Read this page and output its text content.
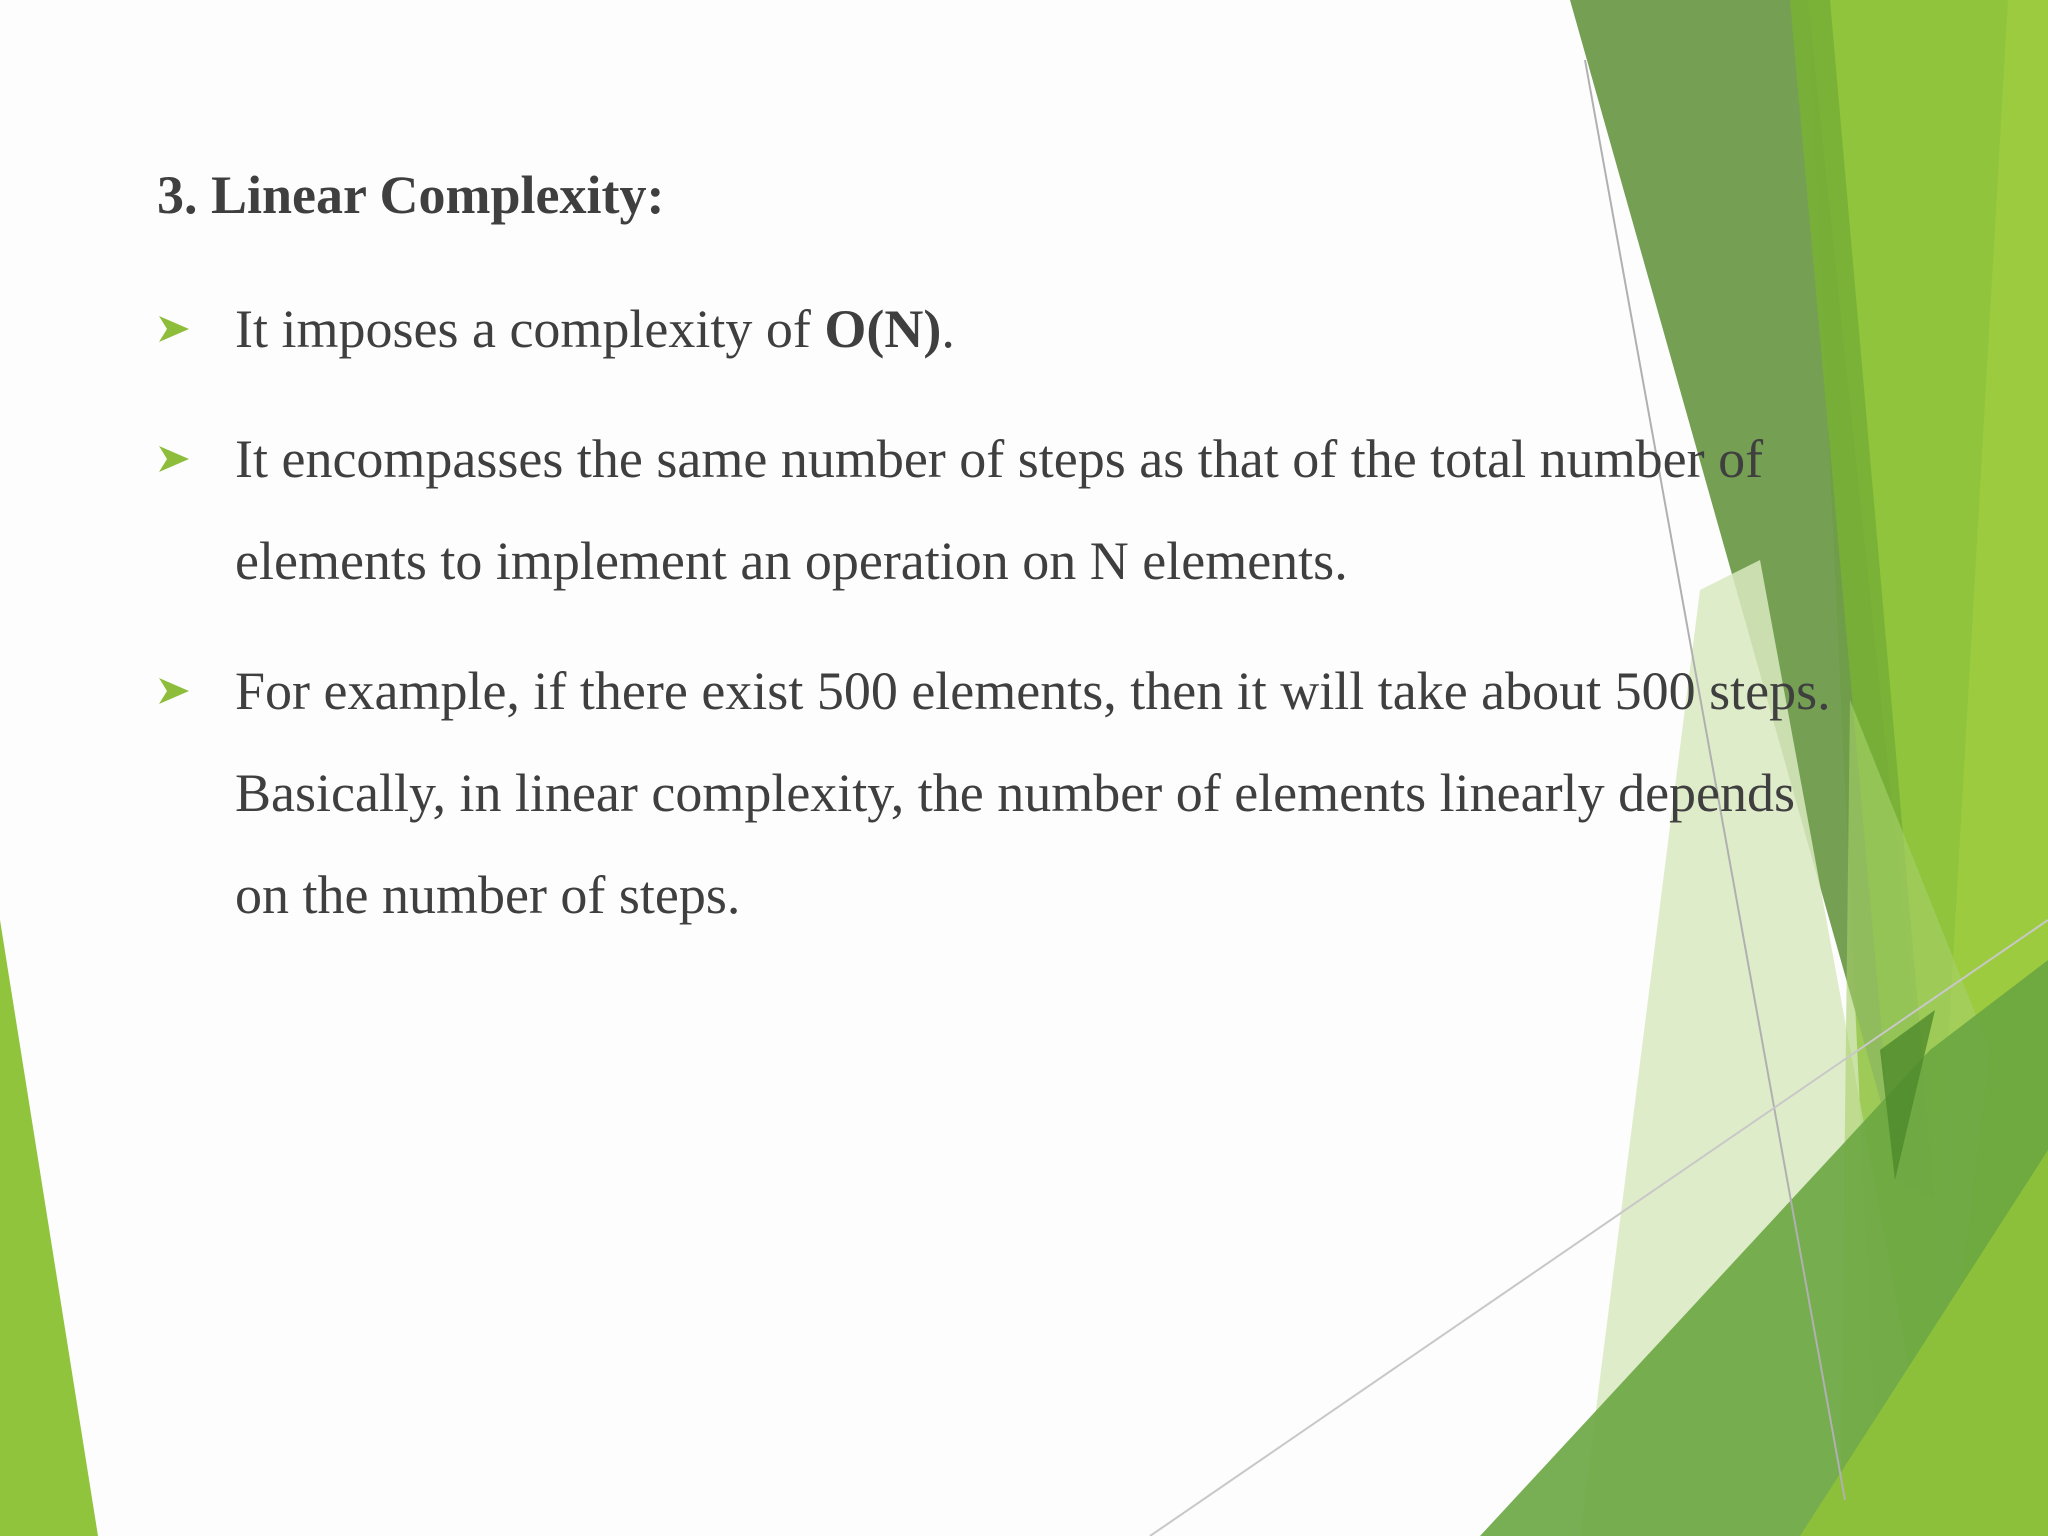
3. Linear Complexity:
It imposes a complexity of O(N).
It encompasses the same number of steps as that of the total number of elements to implement an operation on N elements.
For example, if there exist 500 elements, then it will take about 500 steps. Basically, in linear complexity, the number of elements linearly depends on the number of steps.
